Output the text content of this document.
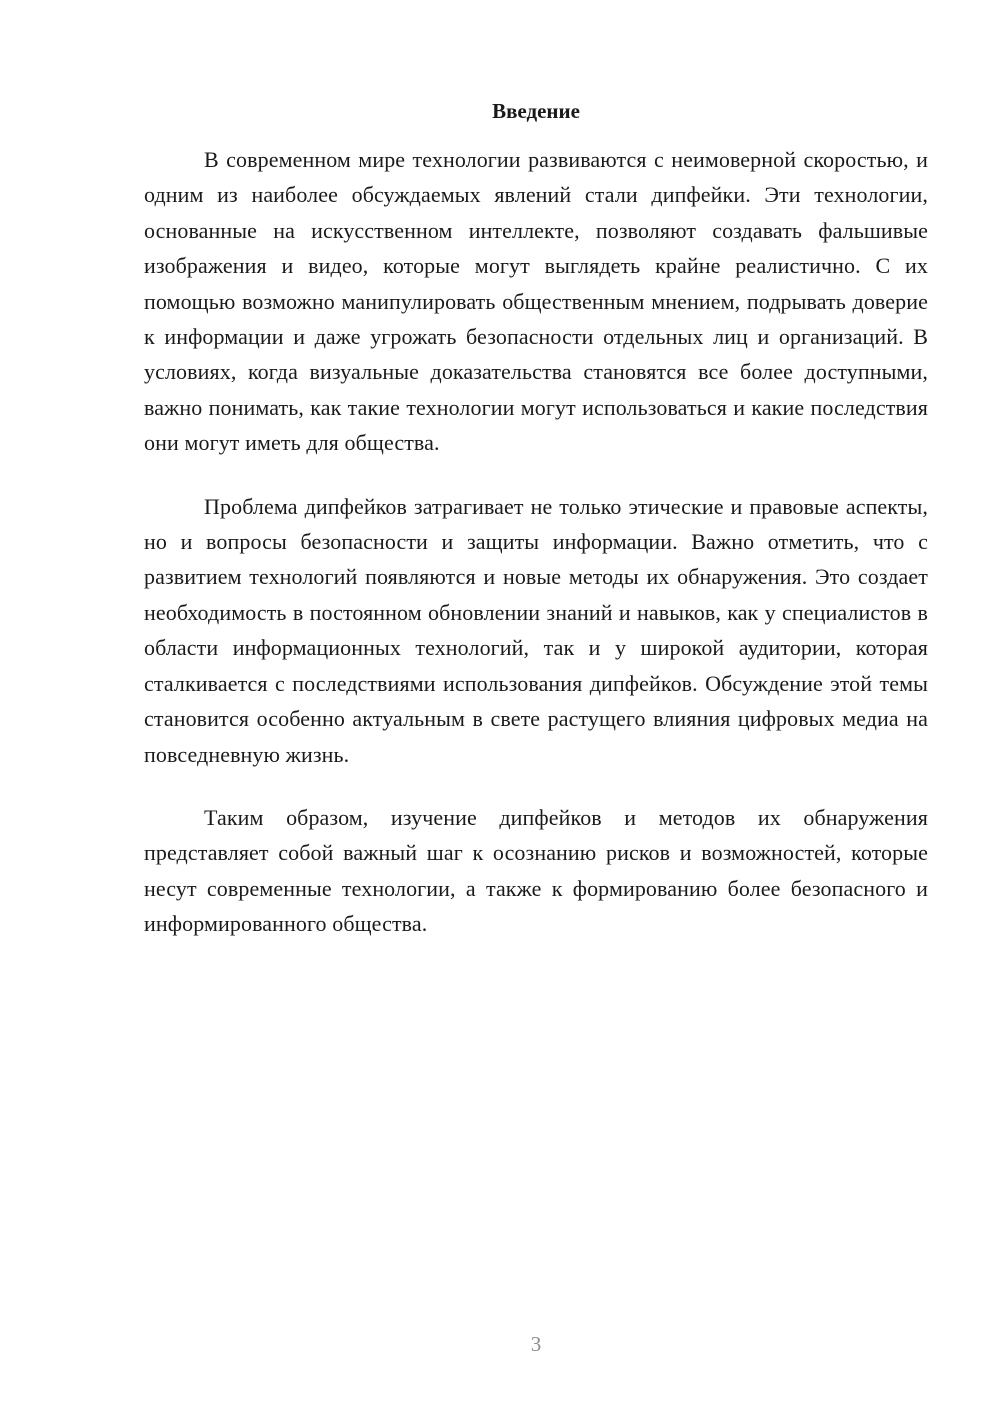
Введение

В современном мире технологии развиваются с неимоверной скоростью, и одним из наиболее обсуждаемых явлений стали дипфейки. Эти технологии, основанные на искусственном интеллекте, позволяют создавать фальшивые изображения и видео, которые могут выглядеть крайне реалистично. С их помощью возможно манипулировать общественным мнением, подрывать доверие к информации и даже угрожать безопасности отдельных лиц и организаций. В условиях, когда визуальные доказательства становятся все более доступными, важно понимать, как такие технологии могут использоваться и какие последствия они могут иметь для общества.

Проблема дипфейков затрагивает не только этические и правовые аспекты, но и вопросы безопасности и защиты информации. Важно отметить, что с развитием технологий появляются и новые методы их обнаружения. Это создает необходимость в постоянном обновлении знаний и навыков, как у специалистов в области информационных технологий, так и у широкой аудитории, которая сталкивается с последствиями использования дипфейков. Обсуждение этой темы становится особенно актуальным в свете растущего влияния цифровых медиа на повседневную жизнь.

Таким образом, изучение дипфейков и методов их обнаружения представляет собой важный шаг к осознанию рисков и возможностей, которые несут современные технологии, а также к формированию более безопасного и информированного общества.

3
